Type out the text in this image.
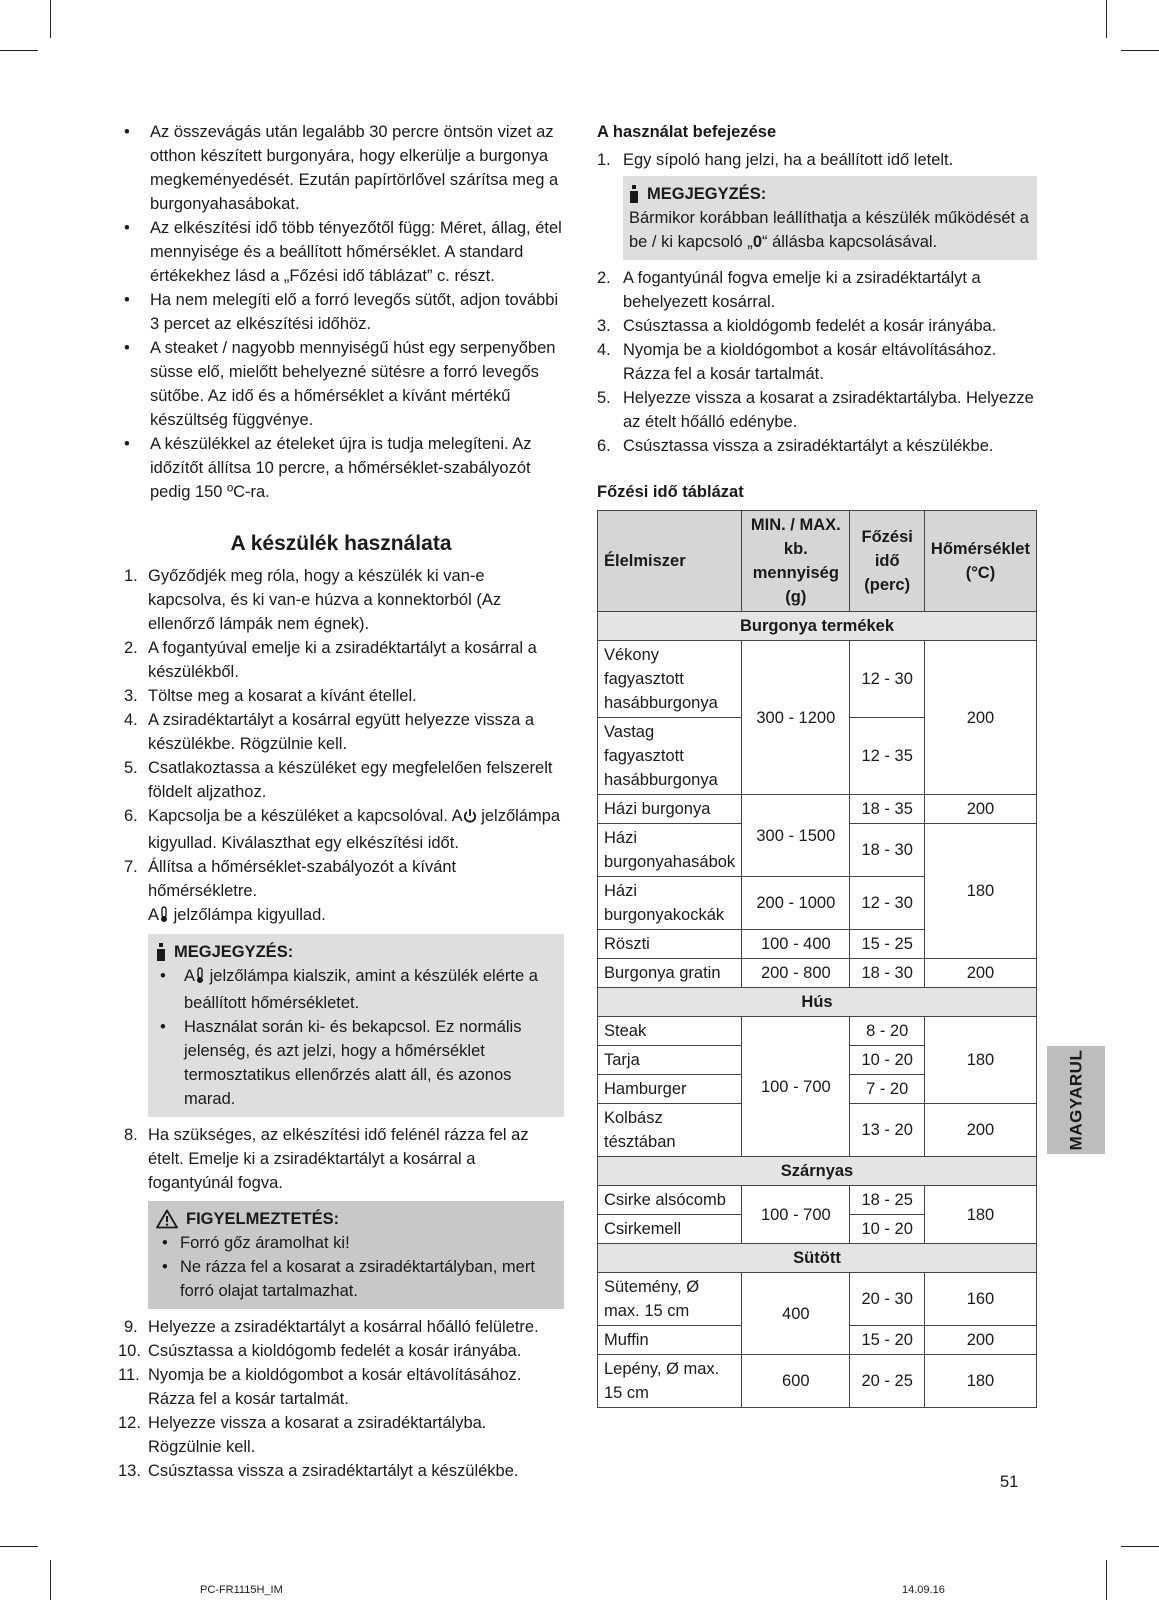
• Az összevágás után legalább 30 percre öntsön vizet az otthon készített burgonyára, hogy elkerülje a burgonya megkeményedését. Ezután papírtörlővel szárítsa meg a burgonyahasábokat.
• Az elkészítési idő több tényezőtől függ: Méret, állag, étel mennyisége és a beállított hőmérséklet. A standard értékekhez lásd a „Főzési idő táblázat” c. részt.
• Ha nem melegíti elő a forró levegős sütőt, adjon további 3 percet az elkészítési időhöz.
• A steaket / nagyobb mennyiségű húst egy serpenyőben süsse elő, mielőtt behelyezné sütésre a forró levegős sütőbe. Az idő és a hőmérséklet a kívánt mértékű készültség függvénye.
• A készülékkel az ételeket újra is tudja melegíteni. Az időzítőt állítsa 10 percre, a hőmérséklet-szabályozót pedig 150 ºC-ra.
A készülék használata
1. Győződjék meg róla, hogy a készülék ki van-e kapcsolva, és ki van-e húzva a konnektorból (Az ellenőrző lámpák nem égnek).
2. A fogantyúval emelje ki a zsiradéktartályt a kosárral a készülékből.
3. Töltse meg a kosarat a kívánt étellel.
4. A zsiradéktartályt a kosárral együtt helyezze vissza a készülékbe. Rögzülnie kell.
5. Csatlakoztassa a készüléket egy megfelelően felszerelt földelt aljzathoz.
6. Kapcsolja be a készüléket a kapcsolóval. A jelzőlámpa kigyullad. Kiválaszthat egy elkészítési időt.
7. Állítsa a hőmérséklet-szabályozót a kívánt hőmérsékletre.
A jelzőlámpa kigyullad.
MEGJEGYZÉS:
• A jelzőlámpa kialszik, amint a készülék elérte a beállított hőmérsékletet.
• Használat során ki- és bekapcsol. Ez normális jelenség, és azt jelzi, hogy a hőmérséklet termosztatikus ellenőrzés alatt áll, és azonos marad.
8. Ha szükséges, az elkészítési idő felénél rázza fel az ételt. Emelje ki a zsiradéktartályt a kosárral a fogantyúnál fogva.
FIGYELMEZTETÉS:
• Forró gőz áramolhat ki!
• Ne rázza fel a kosarat a zsiradéktartályban, mert forró olajat tartalmazhat.
9. Helyezze a zsiradéktartályt a kosárral hőálló felületre.
10. Csúsztassa a kioldógomb fedelét a kosár irányába.
11. Nyomja be a kioldógombot a kosár eltávolításához. Rázza fel a kosár tartalmát.
12. Helyezze vissza a kosarat a zsiradéktartályba. Rögzülnie kell.
13. Csúsztassa vissza a zsiradéktartályt a készülékbe.
A használat befejezése
1. Egy sípoló hang jelzi, ha a beállított idő letelt.
MEGJEGYZÉS:
Bármikor korábban leállíthatja a készülék működését a be / ki kapcsoló „0“ állásba kapcsolásával.
2. A fogantyúnál fogva emelje ki a zsiradéktartályt a behelyezett kosárral.
3. Csúsztassa a kioldógomb fedelét a kosár irányába.
4. Nyomja be a kioldógombot a kosár eltávolításához. Rázza fel a kosár tartalmát.
5. Helyezze vissza a kosarat a zsiradéktartályba. Helyezze az ételt hőálló edénybe.
6. Csúsztassa vissza a zsiradéktartályt a készülékbe.
Főzési idő táblázat
Élelmiszer	MIN. / MAX. kb. mennyiség (g)	Főzési idő (perc)	Hőmérséklet (°C)
Burgonya termékek			
Vékony fagyasztott hasábburgonya	300 - 1200	12 - 30	200
Vastag fagyasztott hasábburgonya		12 - 35	
Házi burgonya	300 - 1500	18 - 35	200
Házi burgonyahasábok		18 - 30	180
Házi burgonyakockák	200 - 1000	12 - 30	
Röszti	100 - 400	15 - 25	
Burgonya gratin	200 - 800	18 - 30	200
Hús			
Steak	100 - 700	8 - 20	180
Tarja		10 - 20	
Hamburger		7 - 20	
Kolbász tésztában		13 - 20	200
Szárnyas			
Csirke alsócomb	100 - 700	18 - 25	180
Csirkemell		10 - 20	
Sütött			
Sütemény, Ø max. 15 cm	400	20 - 30	160
Muffin		15 - 20	200
Lepény, Ø max. 15 cm	600	20 - 25	180
MAGYARUL
51
PC-FR1115H_IM	14.09.16
